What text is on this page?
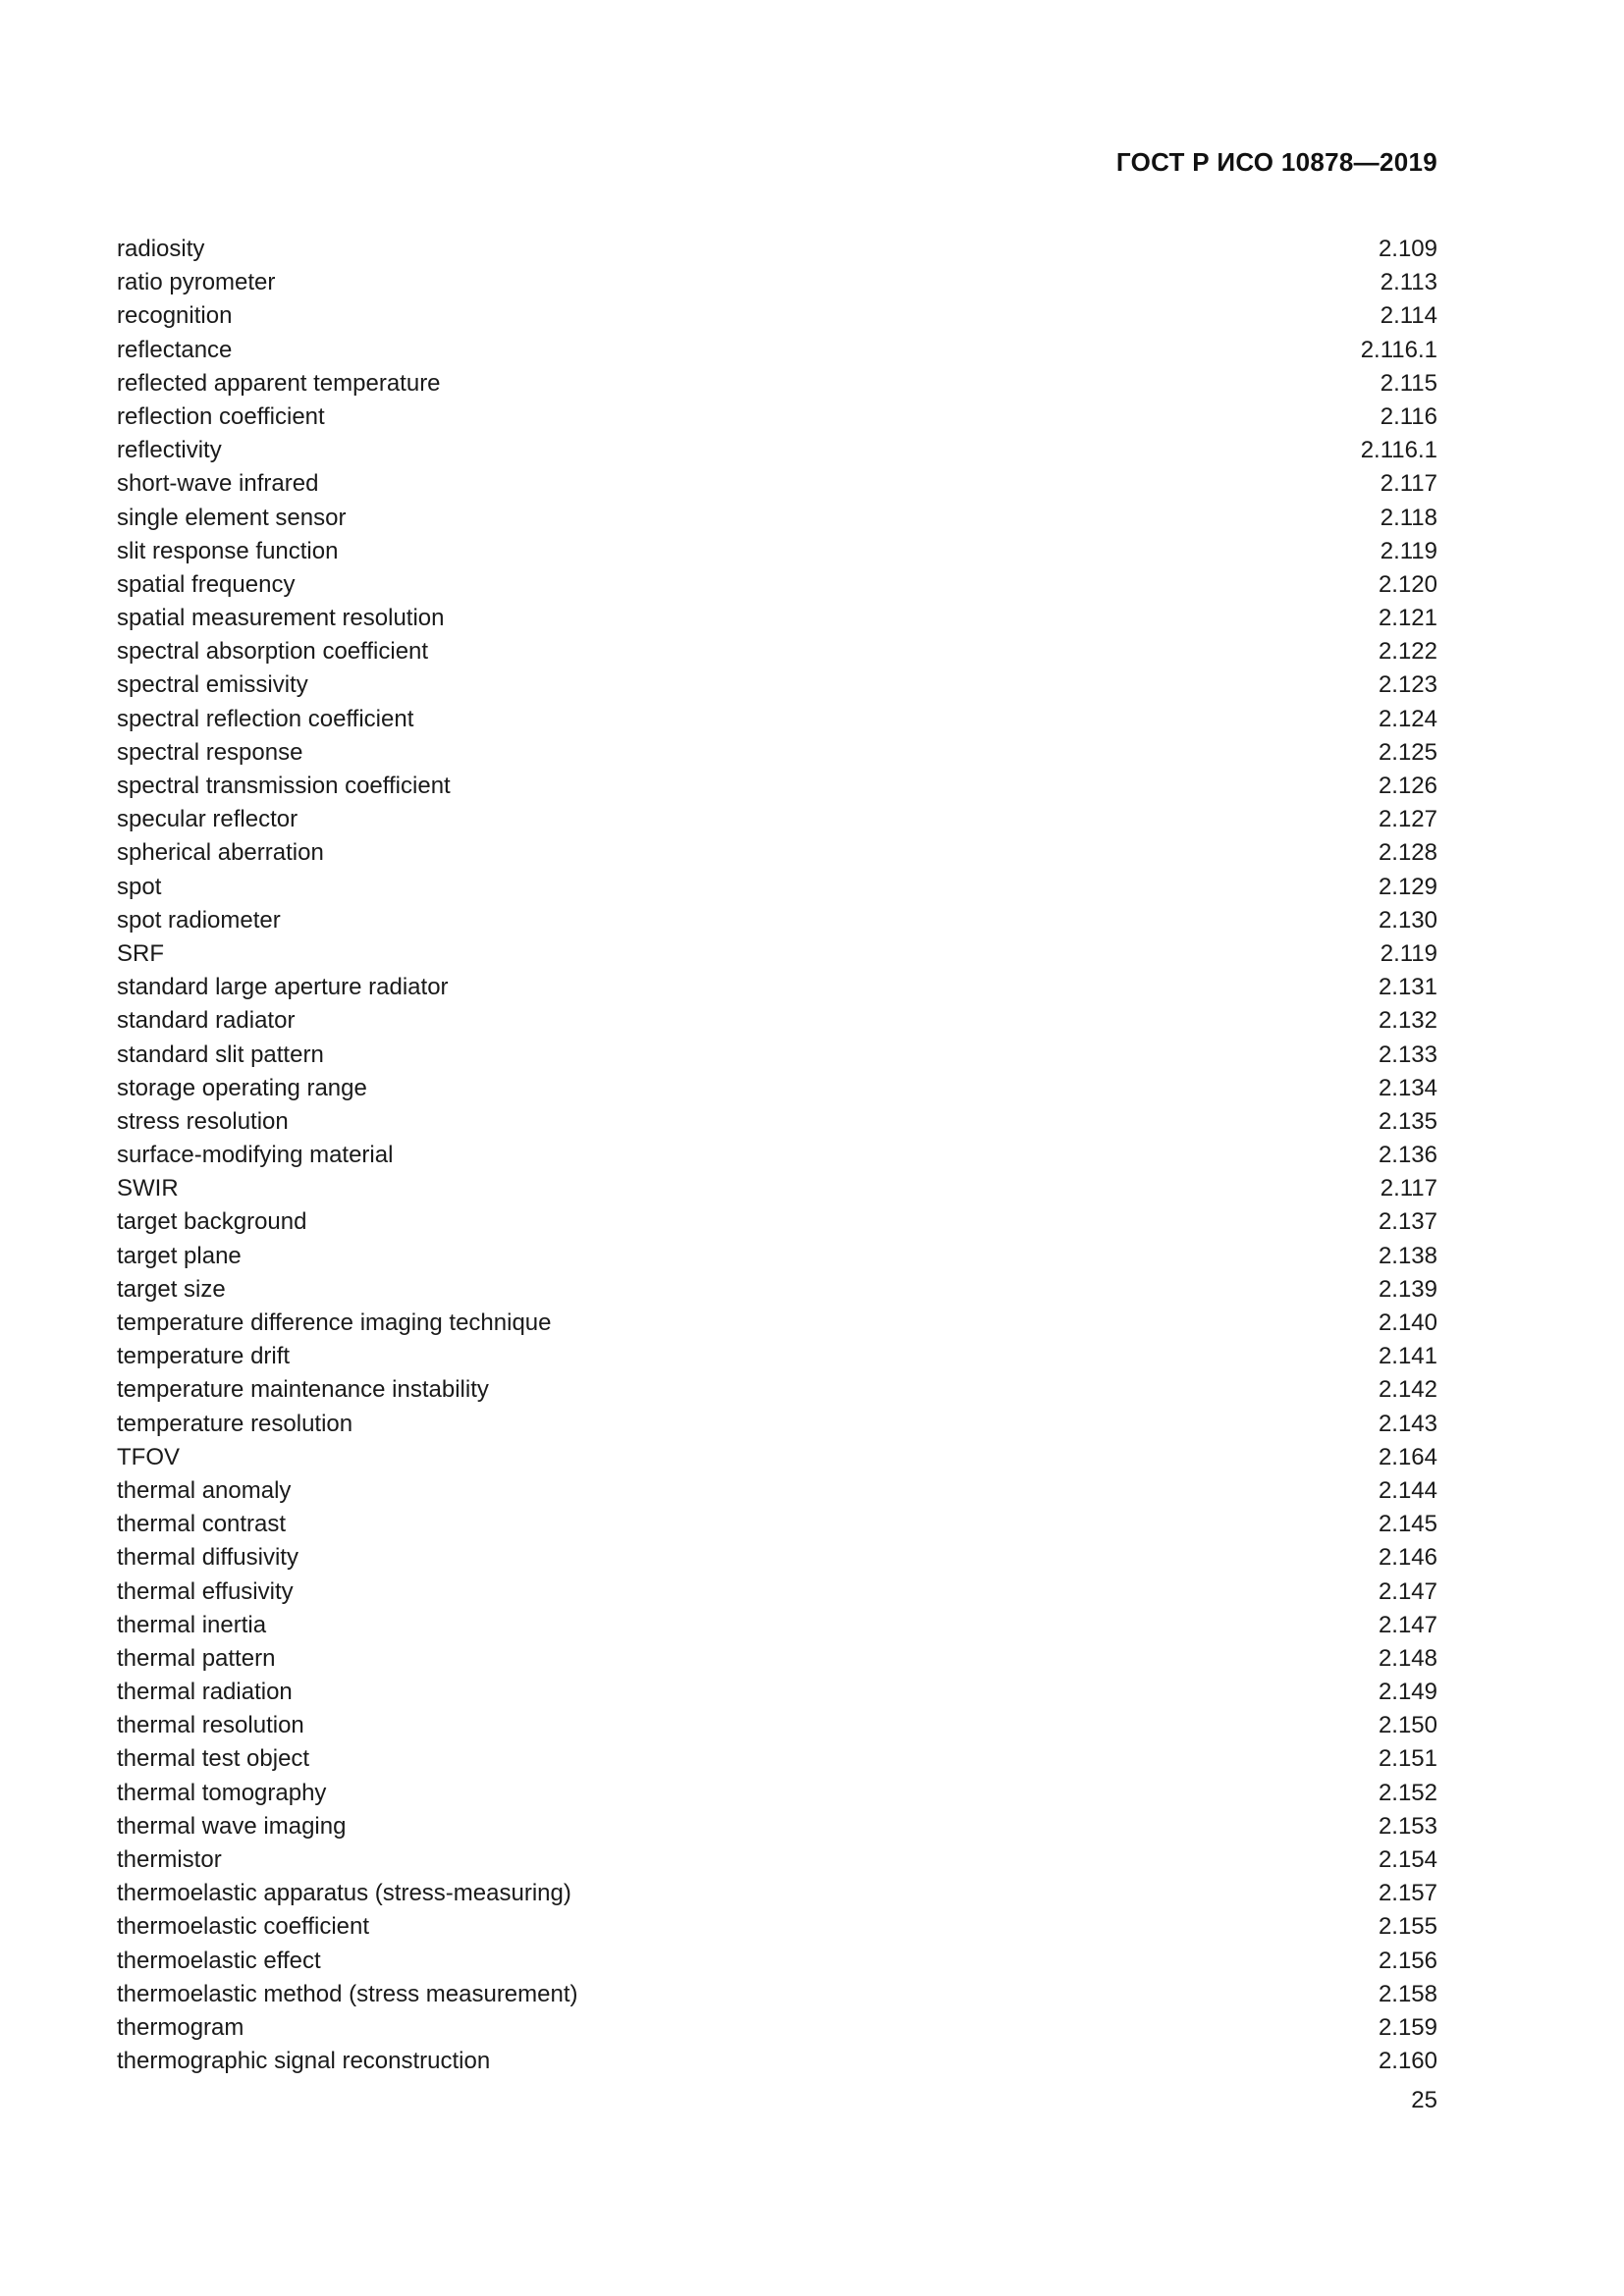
ГОСТ Р ИСО 10878—2019
radiosity	2.109
ratio pyrometer	2.113
recognition	2.114
reflectance	2.116.1
reflected apparent temperature	2.115
reflection coefficient	2.116
reflectivity	2.116.1
short-wave infrared	2.117
single element sensor	2.118
slit response function	2.119
spatial frequency	2.120
spatial measurement resolution	2.121
spectral absorption coefficient	2.122
spectral emissivity	2.123
spectral reflection coefficient	2.124
spectral response	2.125
spectral transmission coefficient	2.126
specular reflector	2.127
spherical aberration	2.128
spot	2.129
spot radiometer	2.130
SRF	2.119
standard large aperture radiator	2.131
standard radiator	2.132
standard slit pattern	2.133
storage operating range	2.134
stress resolution	2.135
surface-modifying material	2.136
SWIR	2.117
target background	2.137
target plane	2.138
target size	2.139
temperature difference imaging technique	2.140
temperature drift	2.141
temperature maintenance instability	2.142
temperature resolution	2.143
TFOV	2.164
thermal anomaly	2.144
thermal contrast	2.145
thermal diffusivity	2.146
thermal effusivity	2.147
thermal inertia	2.147
thermal pattern	2.148
thermal radiation	2.149
thermal resolution	2.150
thermal test object	2.151
thermal tomography	2.152
thermal wave imaging	2.153
thermistor	2.154
thermoelastic apparatus (stress-measuring)	2.157
thermoelastic coefficient	2.155
thermoelastic effect	2.156
thermoelastic method (stress measurement)	2.158
thermogram	2.159
thermographic signal reconstruction	2.160
25
